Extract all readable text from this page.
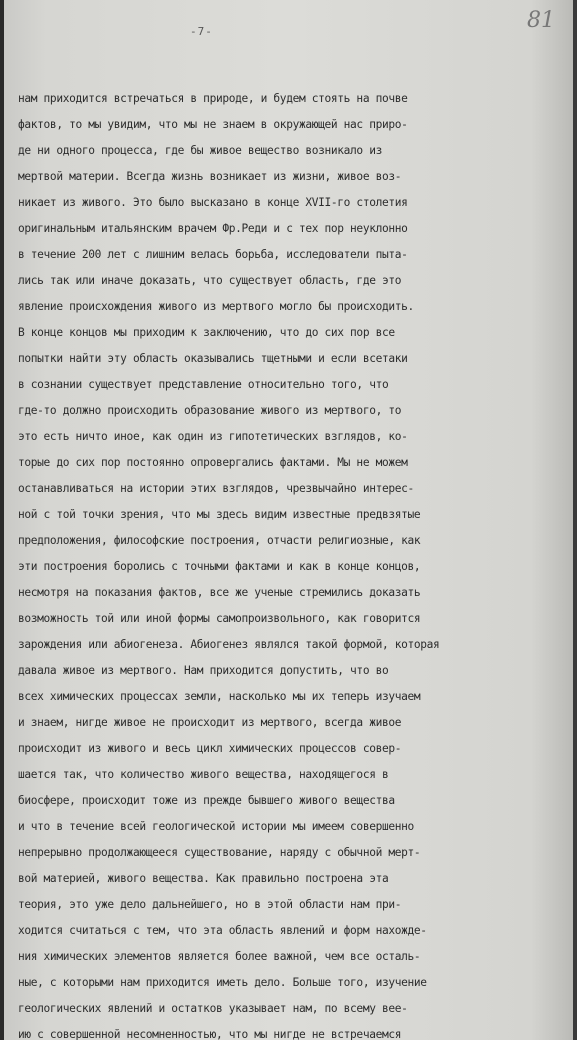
-7-	81
нам приходится встречаться в природе, и будем стоять на почве
фактов, то мы увидим, что мы не знаем в окружающей нас приро-
де ни одного процесса, где бы живое вещество возникало из
мертвой материи. Всегда жизнь возникает из жизни, живое воз-
никает из живого. Это было высказано в конце XVII-го столетия
оригинальным итальянским врачем Фр.Реди и с тех пор неуклонно
в течение 200 лет с лишним велась борьба, исследователи пыта-
лись так или иначе доказать, что существует область, где это
явление происхождения живого из мертвого могло бы происходить.
В конце концов мы приходим к заключению, что до сих пор все
попытки найти эту область оказывались тщетными и если всетаки
в сознании существует представление относительно того, что
где-то должно происходить образование живого из мертвого, то
это есть ничто иное, как один из гипотетических взглядов, ко-
торые до сих пор постоянно опровергались фактами. Мы не можем
останавливаться на истории этих взглядов, чрезвычайно интерес-
ной с той точки зрения, что мы здесь видим известные предвзятые
предположения, философские построения, отчасти религиозные, как
эти построения боролись с точными фактами и как в конце концов,
несмотря на показания фактов, все же ученые стремились доказать
возможность той или иной формы самопроизвольного, как говорится
зарождения или абиогенеза. Абиогенез являлся такой формой, которая
давала живое из мертвого. Нам приходится допустить, что во
всех химических процессах земли, насколько мы их теперь изучаем
и знаем, нигде живое не происходит из мертвого, всегда живое
происходит из живого и весь цикл химических процессов совер-
шается так, что количество живого вещества, находящегося в
биосфере, происходит тоже из прежде бывшего живого вещества
и что в течение всей геологической истории мы имеем совершенно
непрерывно продолжающееся существование, наряду с обычной мерт-
вой материей, живого вещества. Как правильно построена эта
теория, это уже дело дальнейшего, но в этой области нам при-
ходится считаться с тем, что эта область явлений и форм нахожде-
ния химических элементов является более важной, чем все осталь-
ные, с которыми нам приходится иметь дело. Больше того, изучение
геологических явлений и остатков указывает нам, по всему вее-
ию с совершенной несомненностью, что мы нигде не встречаемся
